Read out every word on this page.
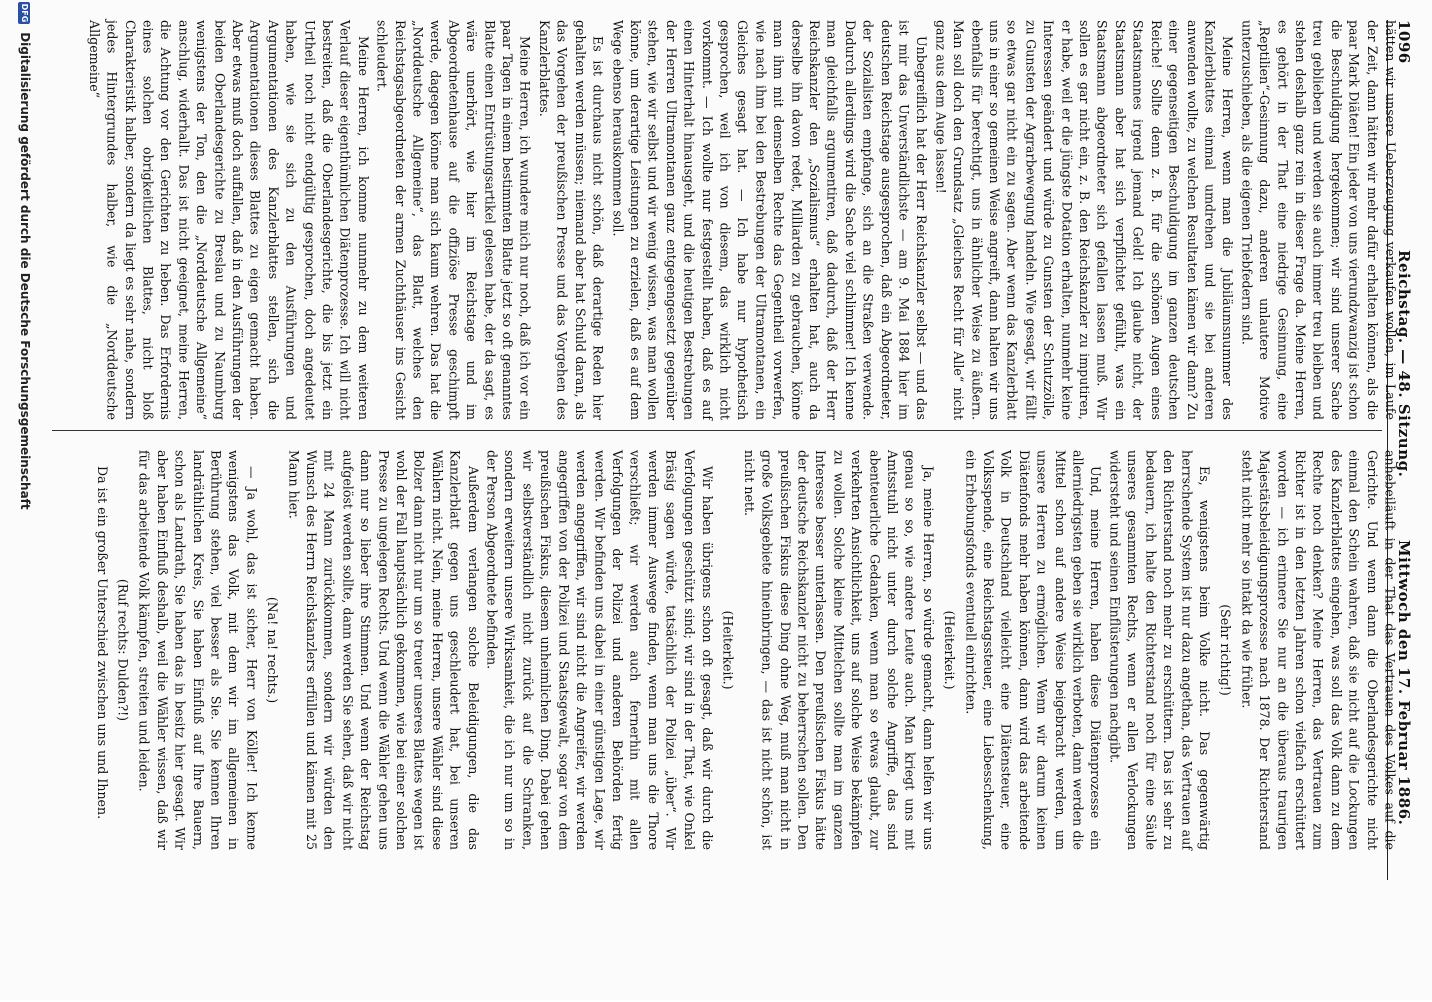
1096
Reichstag. — 48. Sitzung.
Mittwoch den 17. Februar 1886.

hätten wir unsere Ueberzeugung verkaufen wollen, im Laufe der Zeit, dann hätten wir mehr dafür erhalten können, als die paar Mark Diäten! Ein jeder von uns vierundzwanzig ist schon die Beschuldigung hergekommen; wir sind unserer Sache treu geblieben und werden sie auch immer treu bleiben und stehen deshalb ganz rein in dieser Frage da. Meine Herren, es gehört in der That eine niedrige Gesinnung, eine „Reptilien“-Gesinnung dazu, anderen unlautere Motive unterzuschieben, als die eigenen Triebfedern sind.

Meine Herren, wenn man die Jubiläumsnummer des Kanzlerblattes einmal umdrehen und sie bei anderen anwenden wollte, zu welchen Resultaten kämen wir dann? Zu einer gegenseitigen Beschuldigung im ganzen deutschen Reiche! Sollte denn z. B. für die schönen Augen eines Staatsmannes irgend jemand Geld! Ich glaube nicht, der Staatsmann aber hat sich verpflichtet gefühlt, was ein Staatsmann abgeordneter sich gefallen lassen muß. Wir sollen es gar nicht ein, z. B. den Reichskanzler zu imputiren, er habe, weil er die jüngste Dotation erhalten, nunmehr keine Interessen geändert und würde zu Gunsten der Schutzzölle, zu Gunsten der Agrarbewegung handeln. Wie gesagt, wir fällt so etwas gar nicht ein zu sagen. Aber wenn das Kanzlerblatt uns in einer so gemeinen Weise angreift, dann halten wir uns ebenfalls für berechtigt, uns in ähnlicher Weise zu äußern. Man soll doch den Grundsatz „Gleiches Recht für Alle“ nicht ganz aus dem Auge lassen!

Unbegreiflich hat der Herr Reichskanzler selbst — und das ist mir das Unverständlichste — am 9. Mai 1884 hier im deutschen Reichstage ausgesprochen, daß ein Abgeordneter, der Sozialisten empfange, sich an die Straßen verwende. Dadurch allerdings wird die Sache viel schlimmer! Ich kenne man gleichfalls argumentiren, daß dadurch, daß der Herr Reichskanzler den „Sozialismus“ erhalten hat, auch da derselbe ihn davon redet, Milliarden zu gebrauchen, könne man ihm mit demselben Rechte das Gegentheil vorwerfen, wie nach ihm bei den Bestrebungen der Ultramontanen, ein Gleiches gesagt hat. — Ich habe nur hypothetisch gesprochen, weil ich von diesem, das wirklich nicht vorkommt. — Ich wollte nur festgestellt haben, daß es auf einen Hinterhalt hinausgeht, und die heutigen Bestrebungen der Herren Ultramontanen ganz entgegengesetzt gegenüber stehen, wie wir selbst und wir wenig wissen, was man wollen könne, um derartige Leistungen zu erzielen, daß es auf dem Wege ebenso herauskommen soll.

Es ist durchaus nicht schön, daß derartige Reden hier gehalten werden müssen; niemand aber hat Schuld daran, als das Vorgehen der preußischen Presse und das Vorgehen des Kanzlerblattes.

Meine Herren, ich wundere mich nur noch, daß ich vor ein paar Tagen in einem bestimmten Blatte jetzt so oft genanntes Blatte einen Entrüstungsartikel gelesen habe, der da sagt, es wäre unerhört, wie hier im Reichstage und im Abgeordnetenhause auf die offiziöse Presse geschimpft werde, dagegen könne man sich kaum wehren. Das hat die „Norddeutsche Allgemeine“, das Blatt, welches den Reichstagsabgeordneten der armen Zuchthäuser ins Gesicht schleudert.

Meine Herren, ich komme nunmehr zu dem weiteren Verlauf dieser eigenthümlichen Diätenprozesse. Ich will nicht bestreiten, daß die Oberlandesgerichte, die bis jetzt ein Urtheil noch nicht endgültig gesprochen, doch angedeutet haben, wie sie sich zu den Ausführungen und Argumentationen des Kanzlerblattes stellen, sich die Argumentationen dieses Blattes zu eigen gemacht haben. Aber etwas muß doch auffallen, daß in den Ausführungen der beiden Oberlandesgerichte zu Breslau und zu Naumburg wenigstens der Ton, den die „Norddeutsche Allgemeine“ anschlug, widerhallt. Das ist nicht geeignet, meine Herren, die Achtung vor den Gerichten zu heben. Das Erfordernis eines solchen obrigkeitlichen Blattes, nicht bloß Charakteristik halber, sondern da liegt es sehr nahe, sondern jedes Hintergrundes halber, wie die „Norddeutsche Allgemeine“

anhebeiläuft in der That das Vertrauen des Volkes auf die Gerichte. Und wenn dann die Oberlandesgerichte nicht einmal den Schein wahren, daß sie nicht auf die Lockungen des Kanzlerblattes eingehen, was soll das Volk dann zu dem Rechte noch denken? Meine Herren, das Vertrauen zum Richter ist in den letzten Jahren schon vielfach erschüttert worden — ich erinnere Sie nur an die überaus traurigen Majestätsbeleidigungsprozesse nach 1878. Der Richterstand steht nicht mehr so intakt da wie früher.

(Sehr richtig!)

Es, wenigstens beim Volke nicht. Das gegenwärtig herrschende System ist nur dazu angethan, das Vertrauen auf den Richterstand noch mehr zu erschüttern. Das ist sehr zu bedauern, ich halte den Richterstand noch für eine Säule unseres gesammten Rechts, wenn er allen Verlockungen widersteht und seinen Einflüsterungen nachgibt.

Und, meine Herren, haben diese Diätenprozesse ein allerniedrigsten geben sie wirklich verboten, dann werden die Mittel schon auf andere Weise beigebracht werden, um unsere Herren zu ermöglichen. Wenn wir darum keinen Diätenfonds mehr haben können, dann wird das arbeitende Volk in Deutschland vielleicht eine Diätensteuer, eine Volksspende, eine Reichstagssteuer, eine Liebesschenkung, ein Erhebungsfonds eventuell einrichten.

(Heiterkeit.)

Ja, meine Herren, so würde gemacht, dann helfen wir uns genau so so, wie andere Leute auch. Man kriegt uns mit Amtsstuhl nicht unter durch solche Angriffe, das sind abenteuerliche Gedanken, wenn man so etwas glaubt, zur verkehrten Ansichtlichkeit, uns auf solche Weise bekämpfen zu wollen. Solche kleine Mittelchen sollte man im ganzen Interesse besser unterlassen. Den preußischen Fiskus hätte der deutsche Reichskanzler nicht zu beherrschen sollen. Den preußischen Fiskus diese Ding ohne Weg, muß man nicht in große Volksgebiete hineinbringen, — das ist nicht schön, ist nicht nett.

(Heiterkeit.)

Wir haben übrigens schon oft gesagt, daß wir durch die Verfolgungen geschützt sind; wir sind in der That, wie Onkel Bräsig sagen würde, tatsächlich der Polizei „über“. Wir werden immer Auswege finden, wenn man uns die Thore verschließt; wir werden auch fernerhin mit allen Verfolgungen der Polizei und anderen Behörden fertig werden. Wir befinden uns dabei in einer günstigen Lage, wir werden angegriffen, wir sind nicht die Angreifer, wir werden angegriffen von der Polizei und Staatsgewalt, sogar von dem preußischen Fiskus, diesem unheimlichen Ding. Dabei gehen wir selbstverständlich nicht zurück auf die Schranken, sondern erweitern unsere Wirksamkeit, die ich nur um so in der Person Abgeordnete befinden.

Außerdem verlangen solche Beleidigungen, die das Kanzlerblatt gegen uns geschleudert hat, bei unseren Wählern nicht. Nein, meine Herren, unsere Wähler sind diese Bolzer dann nicht nur um so treuer unseres Blattes wegen ist wohl der Fall hauptsächlich gekommen, wie bei einer solchen Presse zu ungelegen Rechts. Und wenn die Wähler gehen uns dann nur so lieber ihre Stimmen. Und wenn der Reichstag aufgelöst werden sollte, dann werden Sie sehen, daß wir nicht mit 24 Mann zurückkommen, sondern wir würden den Wunsch des Herrn Reichskanzlers erfüllen und kämen mit 25 Mann hier.

(Na! na! rechts.)

— Ja wohl, das ist sicher, Herr von Köller! Ich kenne wenigstens das Volk, mit dem wir im allgemeinen in Berührung stehen, viel besser als Sie. Sie kennen Ihren landräthlichen Kreis, Sie haben Einfluß auf Ihre Bauern, schon als Landrath, Sie haben das in besitz hier gesagt. Wir aber haben Einfluß deshalb, weil die Wähler wissen, daß wir für das arbeitende Volk kämpfen, streiten und leiden.

(Ruf rechts: Dulden?!)

Da ist ein großer Unterschied zwischen uns und Ihnen.

DFG Digitalisierung gefördert durch die Deutsche Forschungsgemeinschaft
